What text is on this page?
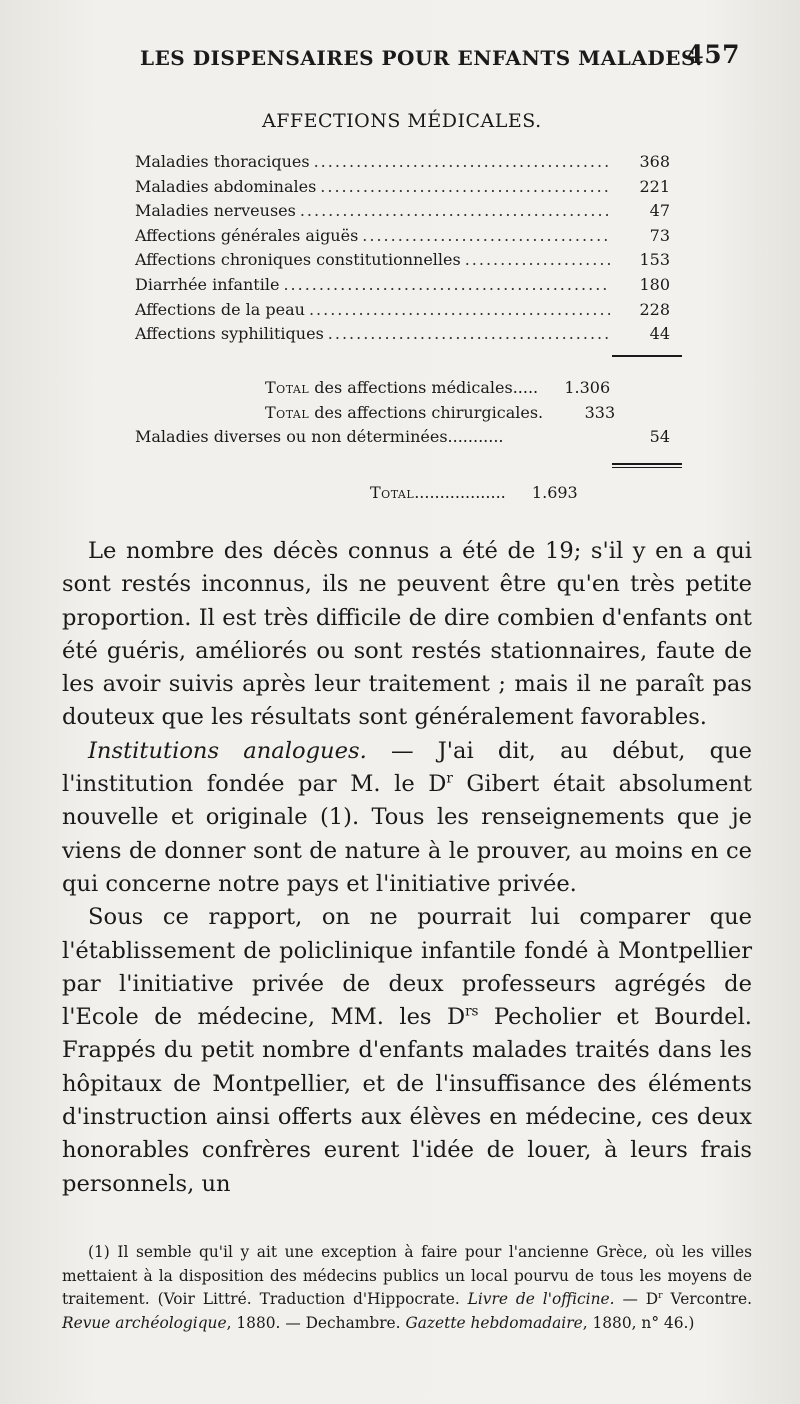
LES DISPENSAIRES POUR ENFANTS MALADES.
457
AFFECTIONS MÉDICALES.
Maladies thoraciques .....	368
Maladies abdominales .....	221
Maladies nerveuses .....	47
Affections générales aiguës .....	73
Affections chroniques constitutionnelles .....	153
Diarrhée infantile .....	180
Affections de la peau .....	228
Affections syphilitiques .....	44
Total des affections médicales.....	1.306
Total des affections chirurgicales.	333
Maladies diverses ou non déterminées...........	54
Total..................	1.693

Le nombre des décès connus a été de 19; s'il y en a qui sont restés inconnus, ils ne peuvent être qu'en très petite proportion. Il est très difficile de dire combien d'enfants ont été guéris, améliorés ou sont restés stationnaires, faute de les avoir suivis après leur traitement ; mais il ne paraît pas douteux que les résultats sont généralement favorables.

Institutions analogues. — J'ai dit, au début, que l'institution fondée par M. le $D^r$ Gibert était absolument nouvelle et originale (1). Tous les renseignements que je viens de donner sont de nature à le prouver, au moins en ce qui concerne notre pays et l'initiative privée.

Sous ce rapport, on ne pourrait lui comparer que l'établissement de policlinique infantile fondé à Montpellier par l'initiative privée de deux professeurs agrégés de l'Ecole de médecine, MM. les $D^{rs}$ Pecholier et Bourdel. Frappés du petit nombre d'enfants malades traités dans les hôpitaux de Montpellier, et de l'insuffisance des éléments d'instruction ainsi offerts aux élèves en médecine, ces deux honorables confrères eurent l'idée de louer, à leurs frais personnels, un

(1) Il semble qu'il y ait une exception à faire pour l'ancienne Grèce, où les villes mettaient à la disposition des médecins publics un local pourvu de tous les moyens de traitement. (Voir Littré. Traduction d'Hippocrate. Livre de l'officine. — $D^r$ Vercontre. Revue archéologique, 1880. — Dechambre. Gazette hebdomadaire, 1880, n° 46.)
